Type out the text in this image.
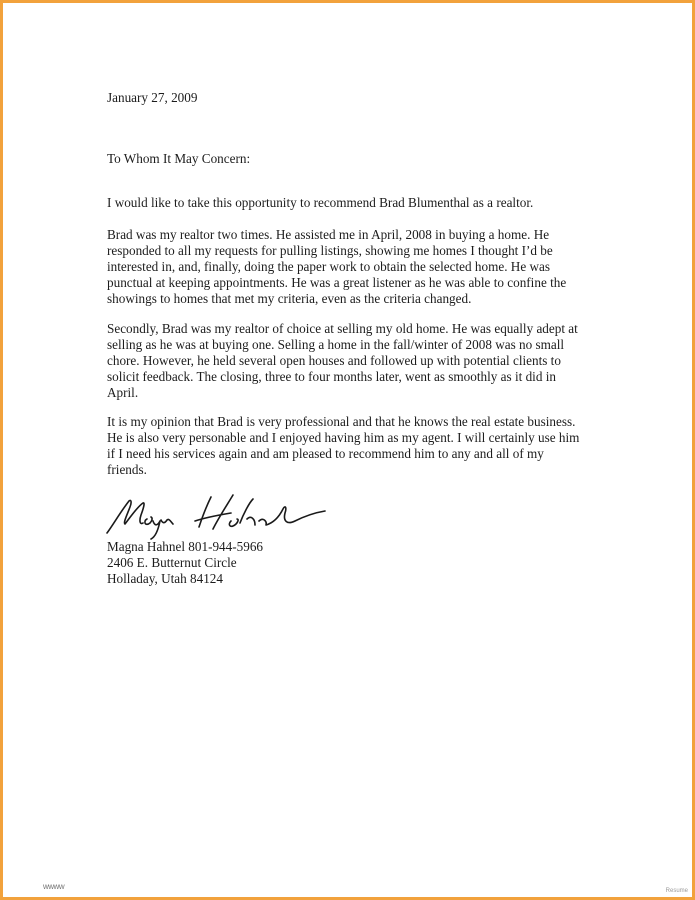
January 27, 2009
To Whom It May Concern:
I would like to take this opportunity to recommend Brad Blumenthal as a realtor.
Brad was my realtor two times. He assisted me in April, 2008 in buying a home. He
responded to all my requests for pulling listings, showing me homes I thought I’d be
interested in, and, finally, doing the paper work to obtain the selected home. He was
punctual at keeping appointments. He was a great listener as he was able to confine the
showings to homes that met my criteria, even as the criteria changed.
Secondly, Brad was my realtor of choice at selling my old home. He was equally adept at
selling as he was at buying one. Selling a home in the fall/winter of 2008 was no small
chore. However, he held several open houses and followed up with potential clients to
solicit feedback. The closing, three to four months later, went as smoothly as it did in
April.
It is my opinion that Brad is very professional and that he knows the real estate business.
He is also very personable and I enjoyed having him as my agent. I will certainly use him
if I need his services again and am pleased to recommend him to any and all of my
friends.
Magna Hahnel 801-944-5966
2406 E. Butternut Circle
Holladay, Utah 84124
wwww	Resume
